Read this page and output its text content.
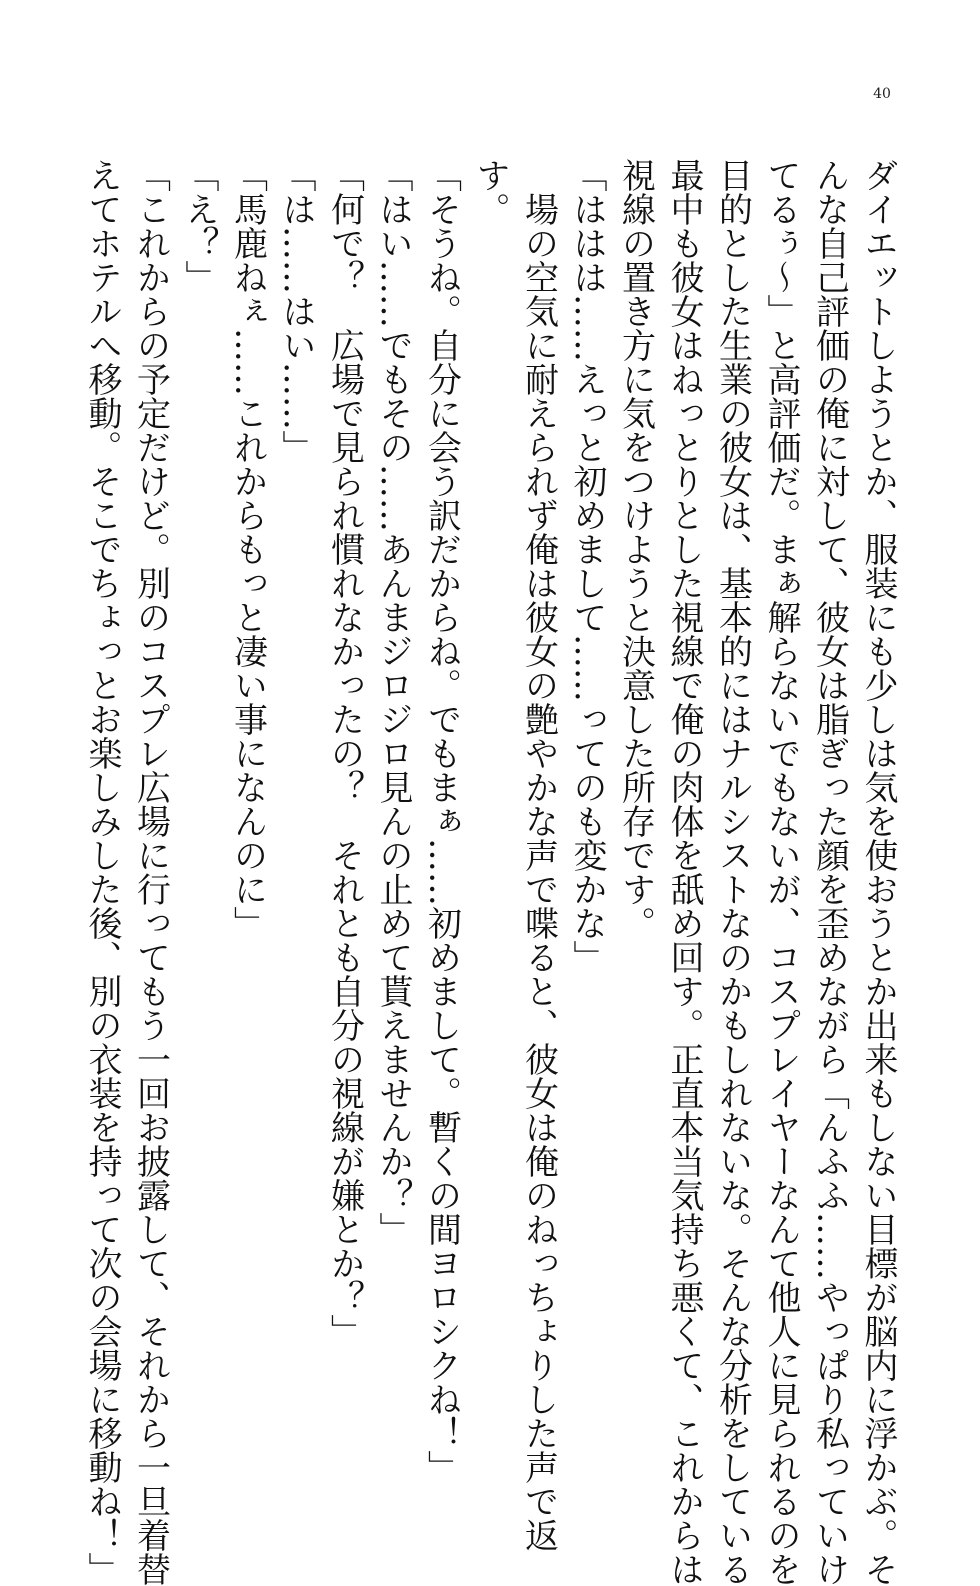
40
ダイエットしようとか、服装にも少しは気を使おうとか出来もしない目標が脳内に浮かぶ。そ
んな自己評価の俺に対して、彼女は脂ぎった顔を歪めながら「んふふ……やっぱり私っていけ
てるぅ～」と高評価だ。まぁ解らないでもないが、コスプレイヤーなんて他人に見られるのを
目的とした生業の彼女は、基本的にはナルシストなのかもしれないな。そんな分析をしている
最中も彼女はねっとりとした視線で俺の肉体を舐め回す。正直本当気持ち悪くて、これからは
視線の置き方に気をつけようと決意した所存です。
「ははは……えっと初めまして……ってのも変かな」
　場の空気に耐えられず俺は彼女の艶やかな声で喋ると、彼女は俺のねっちょりした声で返
す。
「そうね。自分に会う訳だからね。でもまぁ……初めまして。暫くの間ヨロシクね！」
「はい……でもその……あんまジロジロ見んの止めて貰えませんか？」
「何で？　広場で見られ慣れなかったの？　それとも自分の視線が嫌とか？」
「は……はい……」
「馬鹿ねぇ……これからもっと凄い事になんのに」
「え？」
「これからの予定だけど。別のコスプレ広場に行ってもう一回お披露して、それから一旦着替
えてホテルへ移動。そこでちょっとお楽しみした後、別の衣装を持って次の会場に移動ね！」
